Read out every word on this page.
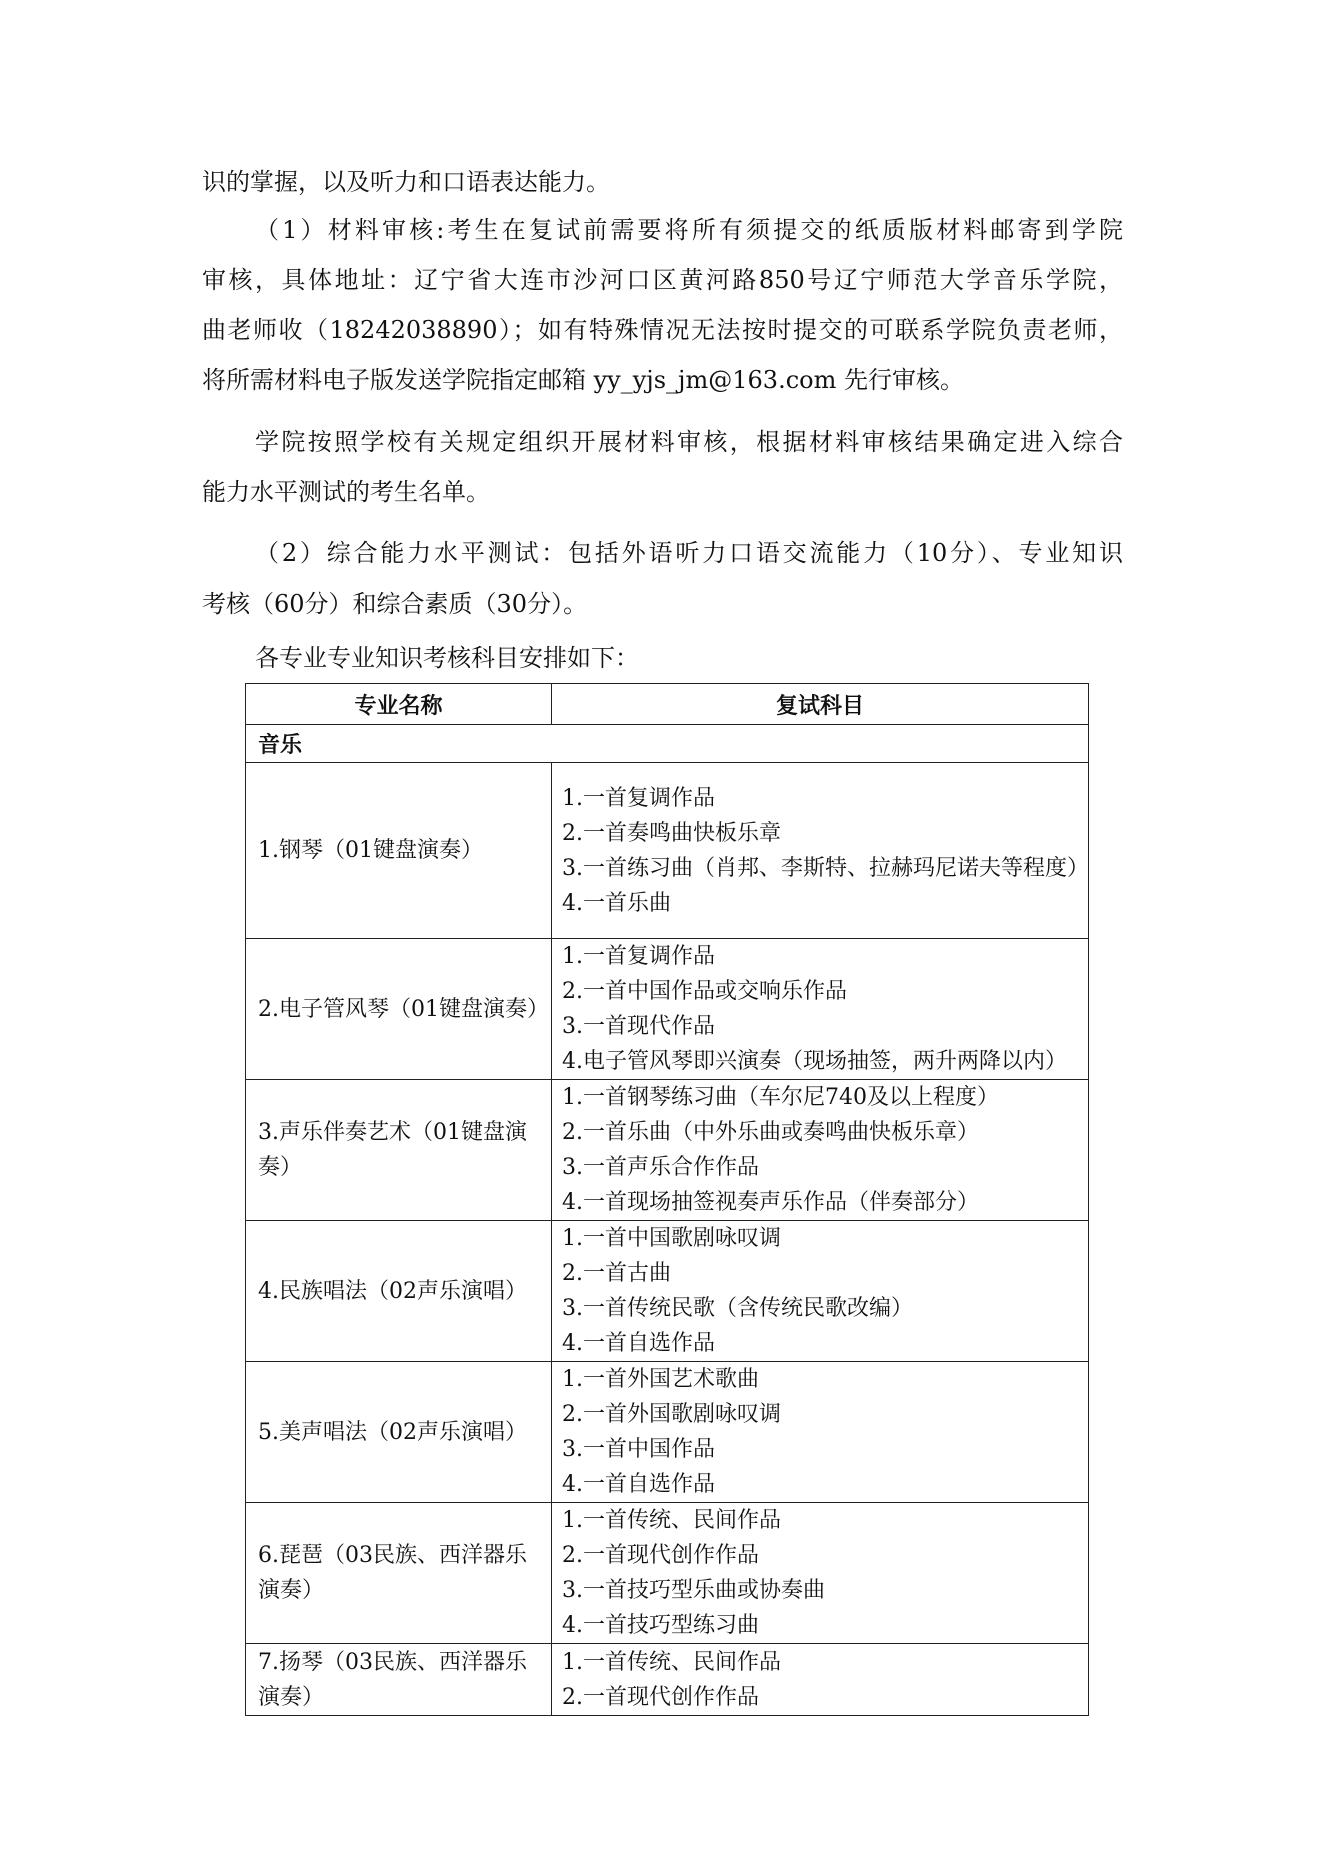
识的掌握，以及听力和口语表达能力。
（1）材料审核:考生在复试前需要将所有须提交的纸质版材料邮寄到学院
审核，具体地址：辽宁省大连市沙河口区黄河路850号辽宁师范大学音乐学院，
曲老师收（18242038890）；如有特殊情况无法按时提交的可联系学院负责老师，
将所需材料电子版发送学院指定邮箱 yy_yjs_jm@163.com 先行审核。
学院按照学校有关规定组织开展材料审核，根据材料审核结果确定进入综合
能力水平测试的考生名单。
（2）综合能力水平测试：包括外语听力口语交流能力（10分）、专业知识
考核（60分）和综合素质（30分）。
各专业专业知识考核科目安排如下：
专业名称	复试科目
音乐	
1.钢琴（01键盘演奏）	1.一首复调作品
2.一首奏鸣曲快板乐章
3.一首练习曲（肖邦、李斯特、拉赫玛尼诺夫等程度）
4.一首乐曲

2.电子管风琴（01键盘演奏）	1.一首复调作品
2.一首中国作品或交响乐作品
3.一首现代作品
4.电子管风琴即兴演奏（现场抽签，两升两降以内）

3.声乐伴奏艺术（01键盘演奏）	1.一首钢琴练习曲（车尔尼740及以上程度）
2.一首乐曲（中外乐曲或奏鸣曲快板乐章）
3.一首声乐合作作品
4.一首现场抽签视奏声乐作品（伴奏部分）

4.民族唱法（02声乐演唱）	1.一首中国歌剧咏叹调
2.一首古曲
3.一首传统民歌（含传统民歌改编）
4.一首自选作品

5.美声唱法（02声乐演唱）	1.一首外国艺术歌曲
2.一首外国歌剧咏叹调
3.一首中国作品
4.一首自选作品

6.琵琶（03民族、西洋器乐演奏）	1.一首传统、民间作品
2.一首现代创作作品
3.一首技巧型乐曲或协奏曲
4.一首技巧型练习曲

7.扬琴（03民族、西洋器乐演奏）	1.一首传统、民间作品
2.一首现代创作作品
